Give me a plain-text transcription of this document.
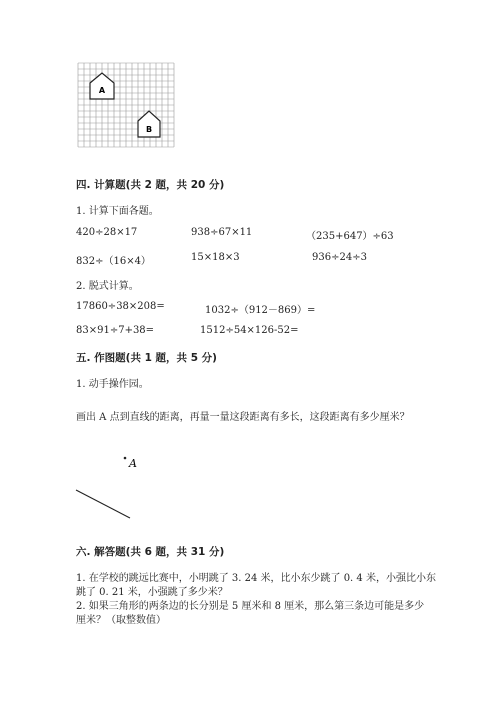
A
B
四. 计算题(共 2 题，共 20 分)
1. 计算下面各题。
420÷28×17	938÷67×11	（235+647）÷63
832÷（16×4）	15×18×3	936÷24÷3
2. 脱式计算。
17860÷38×208=	1032÷（912－869）=
83×91÷7+38=	1512÷54×126-52=
五. 作图题(共 1 题，共 5 分)
1. 动手操作园。
画出 A 点到直线的距离，再量一量这段距离有多长，这段距离有多少厘米？
A
六. 解答题(共 6 题，共 31 分)
1. 在学校的跳远比赛中，小明跳了 3. 24 米，比小东少跳了 0. 4 米，小强比小东
跳了 0. 21 米，小强跳了多少米？
2. 如果三角形的两条边的长分别是 5 厘米和 8 厘米，那么第三条边可能是多少
厘米？（取整数值）
